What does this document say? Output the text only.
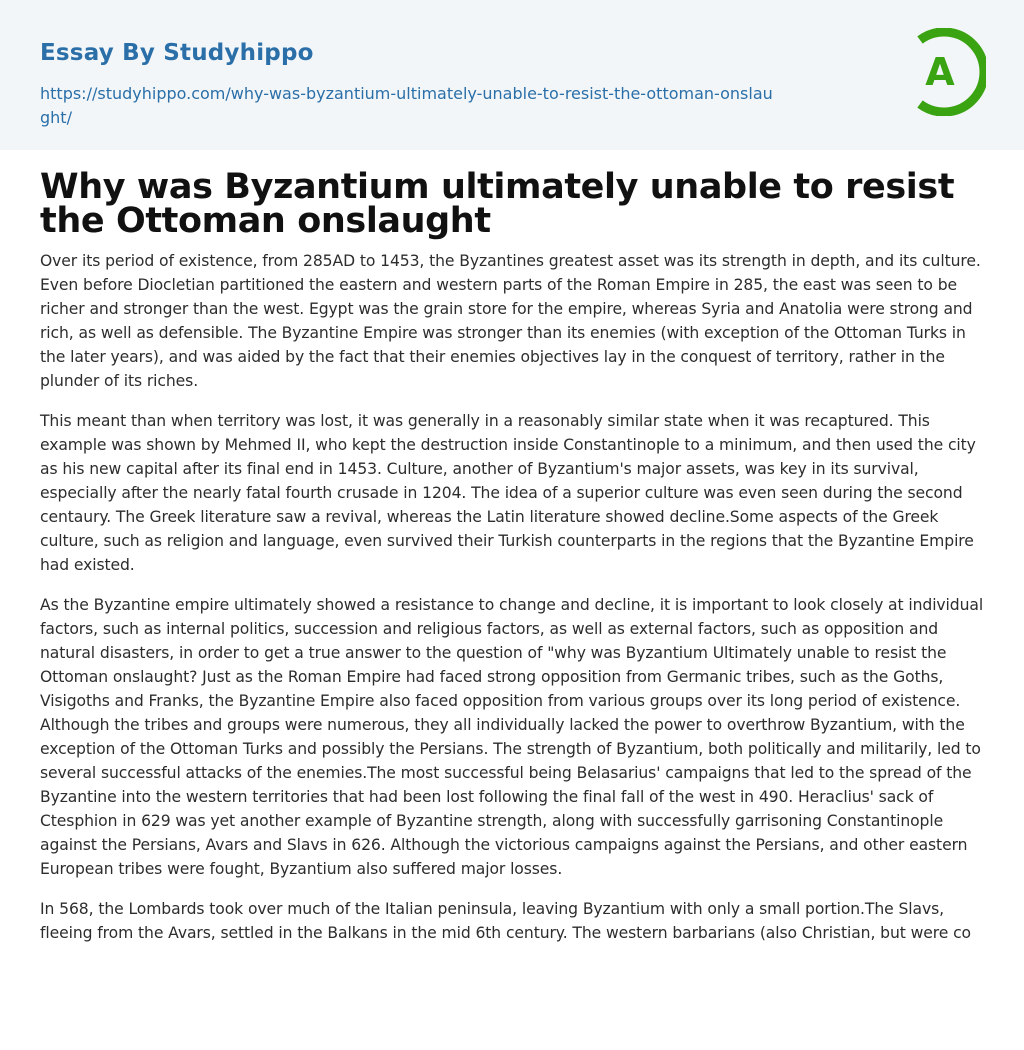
Essay By Studyhippo
https://studyhippo.com/why-was-byzantium-ultimately-unable-to-resist-the-ottoman-onslaught/
A
Why was Byzantium ultimately unable to resist the Ottoman onslaught

Over its period of existence, from 285AD to 1453, the Byzantines greatest asset was its strength in depth, and its culture. Even before Diocletian partitioned the eastern and western parts of the Roman Empire in 285, the east was seen to be richer and stronger than the west. Egypt was the grain store for the empire, whereas Syria and Anatolia were strong and rich, as well as defensible. The Byzantine Empire was stronger than its enemies (with exception of the Ottoman Turks in the later years), and was aided by the fact that their enemies objectives lay in the conquest of territory, rather in the plunder of its riches.

This meant than when territory was lost, it was generally in a reasonably similar state when it was recaptured. This example was shown by Mehmed II, who kept the destruction inside Constantinople to a minimum, and then used the city as his new capital after its final end in 1453. Culture, another of Byzantium's major assets, was key in its survival, especially after the nearly fatal fourth crusade in 1204. The idea of a superior culture was even seen during the second centaury. The Greek literature saw a revival, whereas the Latin literature showed decline.Some aspects of the Greek culture, such as religion and language, even survived their Turkish counterparts in the regions that the Byzantine Empire had existed.

As the Byzantine empire ultimately showed a resistance to change and decline, it is important to look closely at individual factors, such as internal politics, succession and religious factors, as well as external factors, such as opposition and natural disasters, in order to get a true answer to the question of "why was Byzantium Ultimately unable to resist the Ottoman onslaught? Just as the Roman Empire had faced strong opposition from Germanic tribes, such as the Goths, Visigoths and Franks, the Byzantine Empire also faced opposition from various groups over its long period of existence. Although the tribes and groups were numerous, they all individually lacked the power to overthrow Byzantium, with the exception of the Ottoman Turks and possibly the Persians. The strength of Byzantium, both politically and militarily, led to several successful attacks of the enemies.The most successful being Belasarius' campaigns that led to the spread of the Byzantine into the western territories that had been lost following the final fall of the west in 490. Heraclius' sack of Ctesphion in 629 was yet another example of Byzantine strength, along with successfully garrisoning Constantinople against the Persians, Avars and Slavs in 626. Although the victorious campaigns against the Persians, and other eastern European tribes were fought, Byzantium also suffered major losses.

In 568, the Lombards took over much of the Italian peninsula, leaving Byzantium with only a small portion.The Slavs, fleeing from the Avars, settled in the Balkans in the mid 6th century. The western barbarians (also Christian, but were co
